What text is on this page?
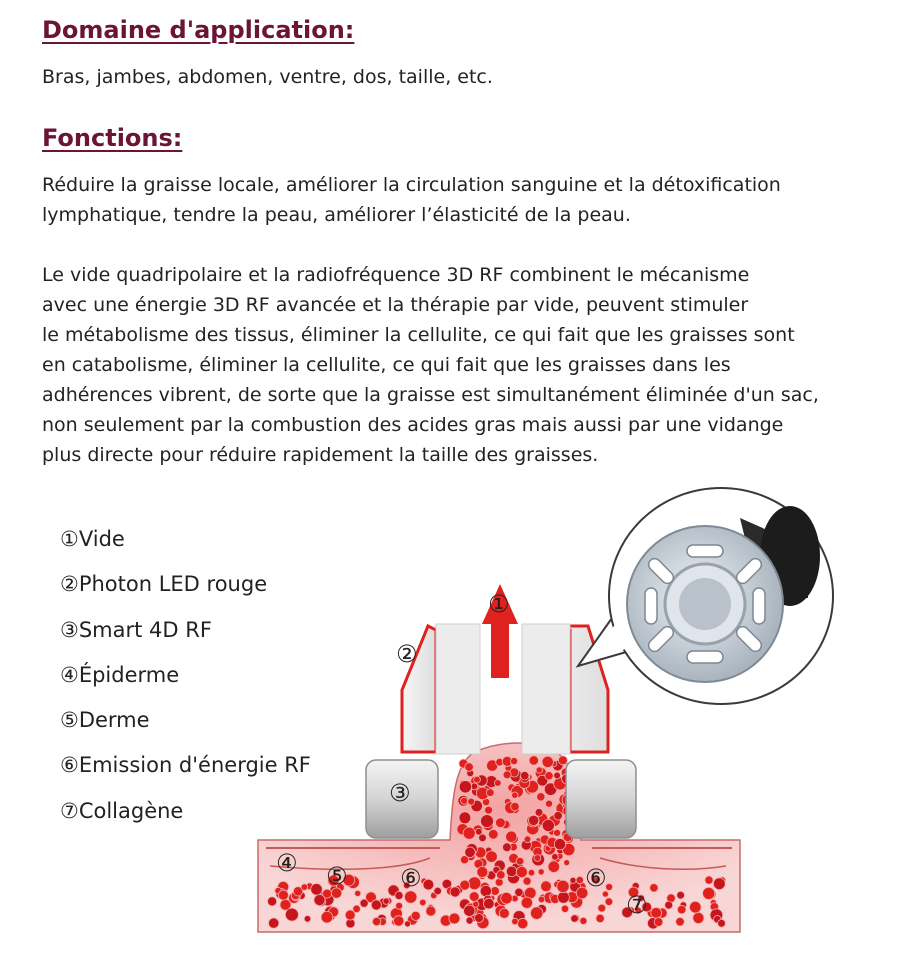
Domaine d'application:

Bras, jambes, abdomen, ventre, dos, taille, etc.

Fonctions:

Réduire la graisse locale, améliorer la circulation sanguine et la détoxification
lymphatique, tendre la peau, améliorer l’élasticité de la peau.

Le vide quadripolaire et la radiofréquence 3D RF combinent le mécanisme
avec une énergie 3D RF avancée et la thérapie par vide, peuvent stimuler
le métabolisme des tissus, éliminer la cellulite, ce qui fait que les graisses sont
en catabolisme, éliminer la cellulite, ce qui fait que les graisses dans les
adhérences vibrent, de sorte que la graisse est simultanément éliminée d'un sac,
non seulement par la combustion des acides gras mais aussi par une vidange
plus directe pour réduire rapidement la taille des graisses.

①Vide
②Photon LED rouge
③Smart 4D RF
④Épiderme
⑤Derme
⑥Emission d'énergie RF
⑦Collagène
①
②
③
④ ⑤ ⑥	⑥
⑦
